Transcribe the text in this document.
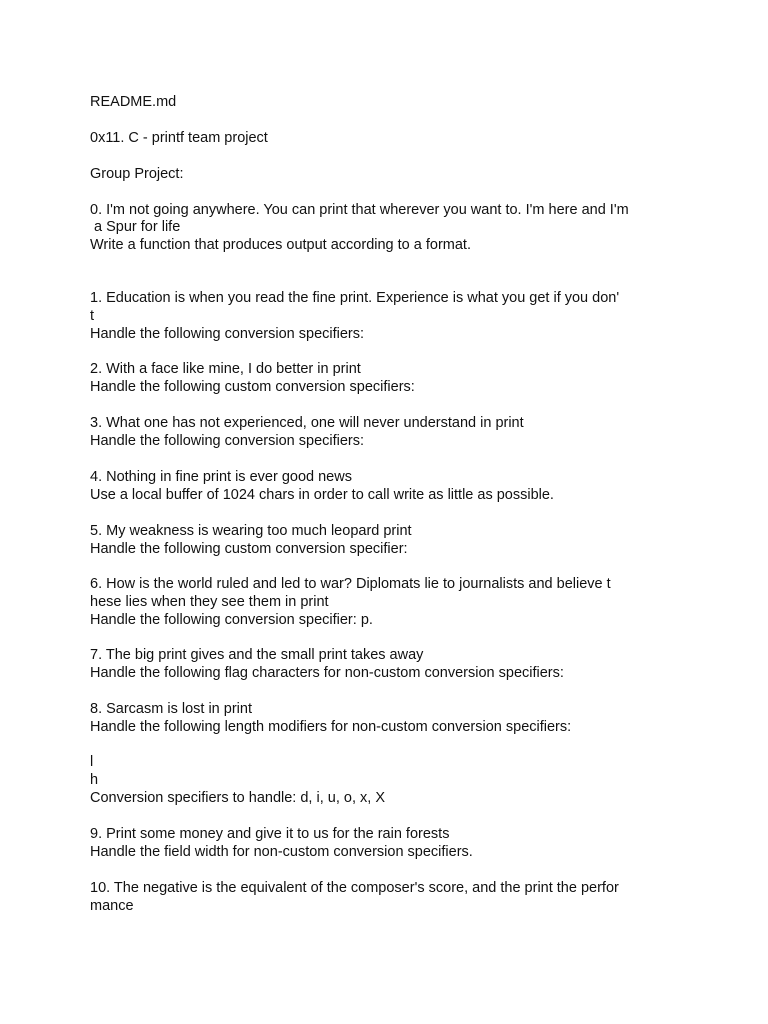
README.md

0x11. C - printf team project

Group Project:

0. I'm not going anywhere. You can print that wherever you want to. I'm here and I'm

a Spur for life

Write a function that produces output according to a format.

1. Education is when you read the fine print. Experience is what you get if you don'

t

Handle the following conversion specifiers:

2. With a face like mine, I do better in print

Handle the following custom conversion specifiers:

3. What one has not experienced, one will never understand in print

Handle the following conversion specifiers:

4. Nothing in fine print is ever good news

Use a local buffer of 1024 chars in order to call write as little as possible.

5. My weakness is wearing too much leopard print

Handle the following custom conversion specifier:

6. How is the world ruled and led to war? Diplomats lie to journalists and believe t

hese lies when they see them in print

Handle the following conversion specifier: p.

7. The big print gives and the small print takes away

Handle the following flag characters for non-custom conversion specifiers:

8. Sarcasm is lost in print

Handle the following length modifiers for non-custom conversion specifiers:

l

h

Conversion specifiers to handle: d, i, u, o, x, X

9. Print some money and give it to us for the rain forests

Handle the field width for non-custom conversion specifiers.

10. The negative is the equivalent of the composer's score, and the print the perfor

mance
